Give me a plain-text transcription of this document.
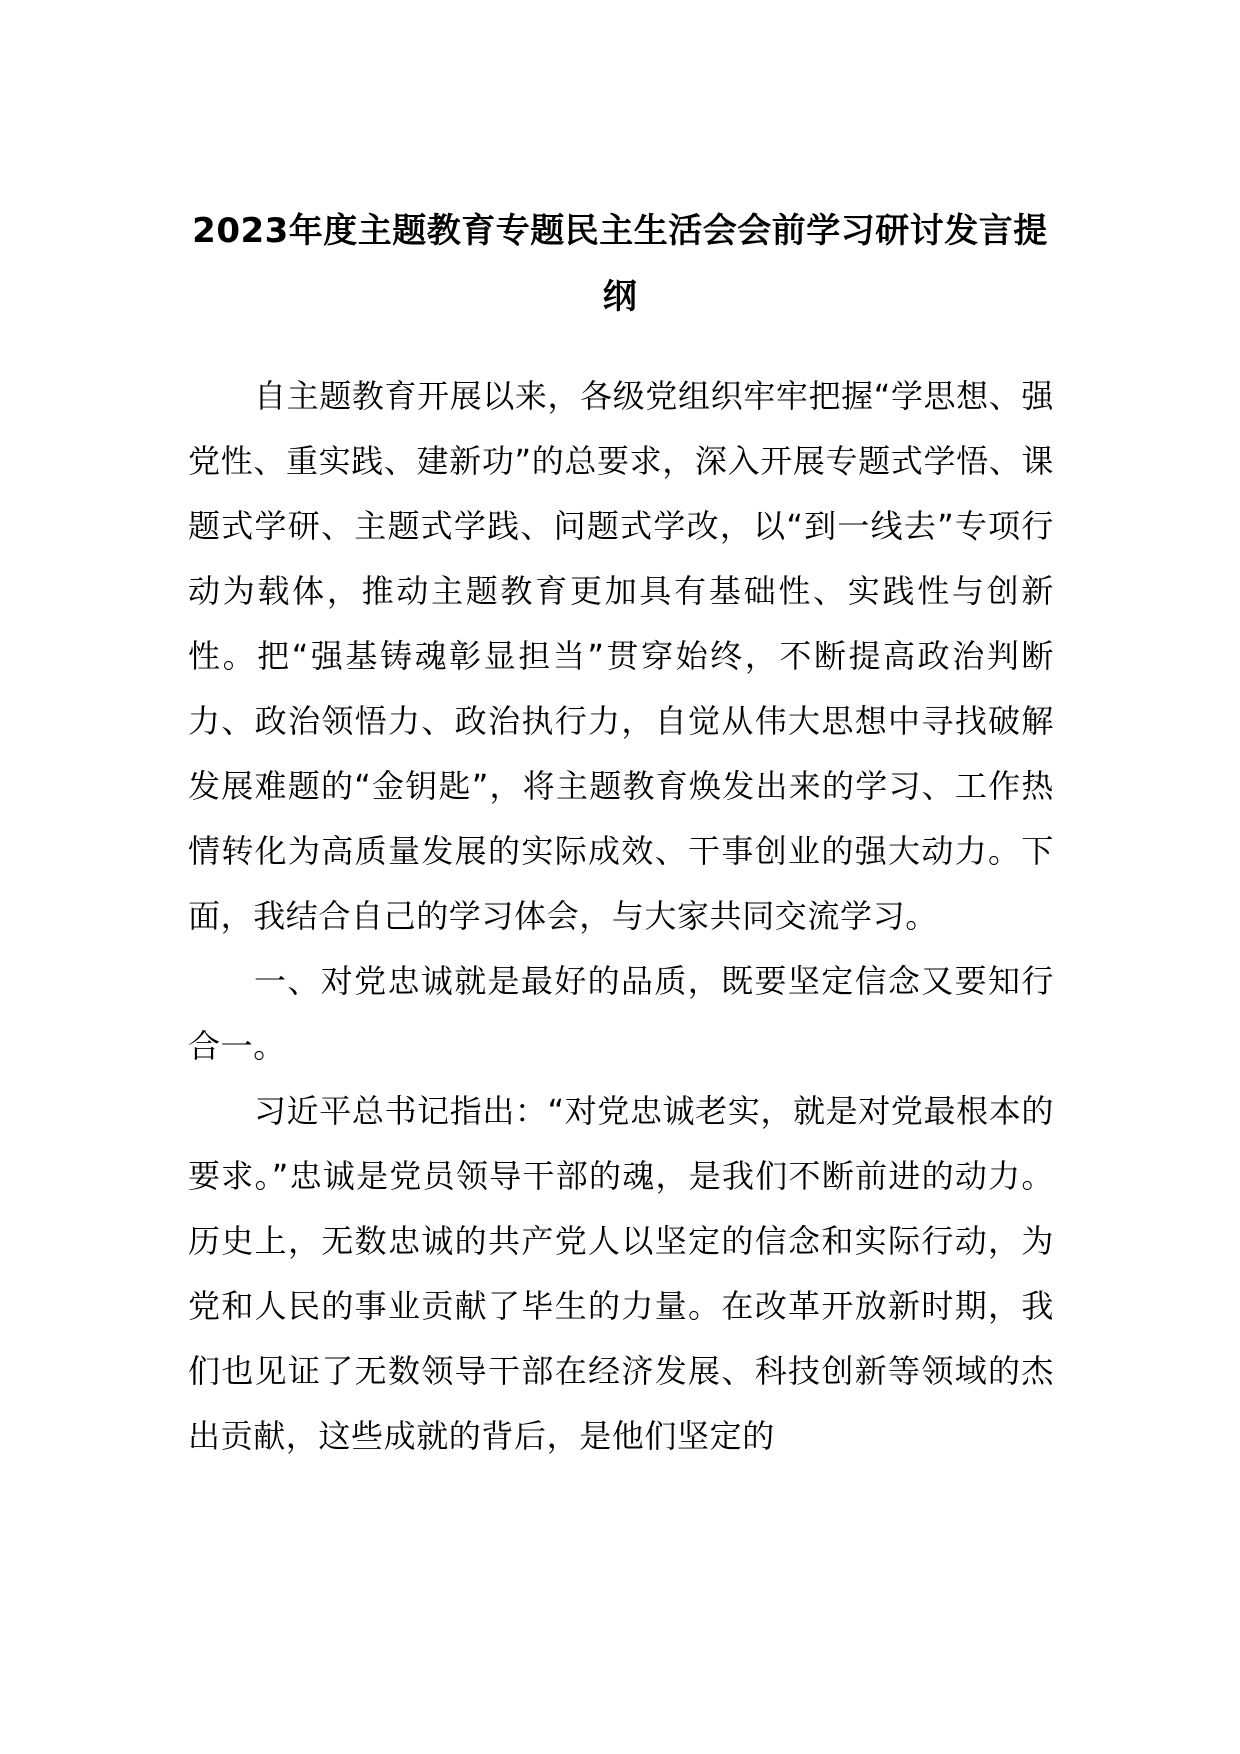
2023年度主题教育专题民主生活会会前学习研讨发言提纲

自主题教育开展以来，各级党组织牢牢把握“学思想、强党性、重实践、建新功”的总要求，深入开展专题式学悟、课题式学研、主题式学践、问题式学改，以“到一线去”专项行动为载体，推动主题教育更加具有基础性、实践性与创新性。把“强基铸魂彰显担当”贯穿始终，不断提高政治判断力、政治领悟力、政治执行力，自觉从伟大思想中寻找破解发展难题的“金钥匙”，将主题教育焕发出来的学习、工作热情转化为高质量发展的实际成效、干事创业的强大动力。下面，我结合自己的学习体会，与大家共同交流学习。

一、对党忠诚就是最好的品质，既要坚定信念又要知行合一。

习近平总书记指出：“对党忠诚老实，就是对党最根本的要求。”忠诚是党员领导干部的魂，是我们不断前进的动力。历史上，无数忠诚的共产党人以坚定的信念和实际行动，为党和人民的事业贡献了毕生的力量。在改革开放新时期，我们也见证了无数领导干部在经济发展、科技创新等领域的杰出贡献，这些成就的背后，是他们坚定的
